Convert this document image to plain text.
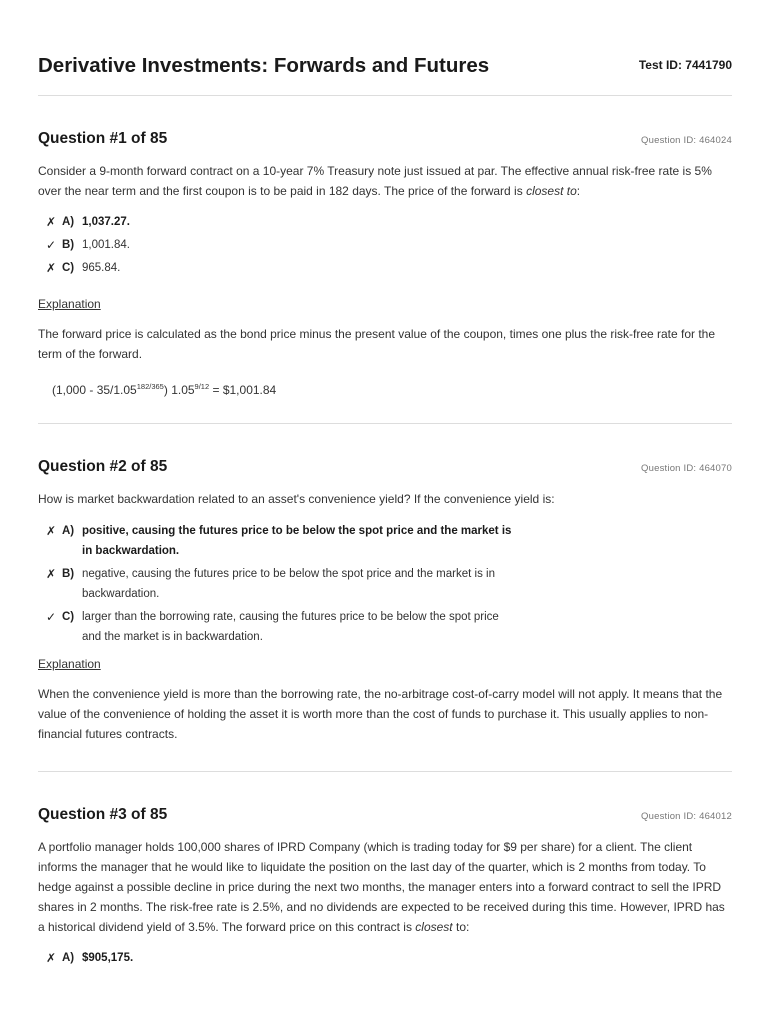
Derivative Investments: Forwards and Futures	Test ID: 7441790
Question #1 of 85	Question ID: 464024

Consider a 9-month forward contract on a 10-year 7% Treasury note just issued at par. The effective annual risk-free rate is 5% over the near term and the first coupon is to be paid in 182 days. The price of the forward is closest to:

✗ A) 1,037.27.
✓ B) 1,001.84.
✗ C) 965.84.
Explanation

The forward price is calculated as the bond price minus the present value of the coupon, times one plus the risk-free rate for the term of the forward.

$(1,000 - 35/1.05^{182/365})$ $1.05^{9/12}$ = $1,001.84
Question #2 of 85	Question ID: 464070

How is market backwardation related to an asset's convenience yield? If the convenience yield is:

✗ A) positive, causing the futures price to be below the spot price and the market is
in backwardation.
✗ B) negative, causing the futures price to be below the spot price and the market is in
backwardation.
✓ C) larger than the borrowing rate, causing the futures price to be below the spot price
and the market is in backwardation.
Explanation

When the convenience yield is more than the borrowing rate, the no-arbitrage cost-of-carry model will not apply. It means that the value of the convenience of holding the asset it is worth more than the cost of funds to purchase it. This usually applies to non-financial futures contracts.

Question #3 of 85	Question ID: 464012

A portfolio manager holds 100,000 shares of IPRD Company (which is trading today for $9 per share) for a client. The client informs the manager that he would like to liquidate the position on the last day of the quarter, which is 2 months from today. To hedge against a possible decline in price during the next two months, the manager enters into a forward contract to sell the IPRD shares in 2 months. The risk-free rate is 2.5%, and no dividends are expected to be received during this time. However, IPRD has a historical dividend yield of 3.5%. The forward price on this contract is closest to:

✗ A) $905,175.
